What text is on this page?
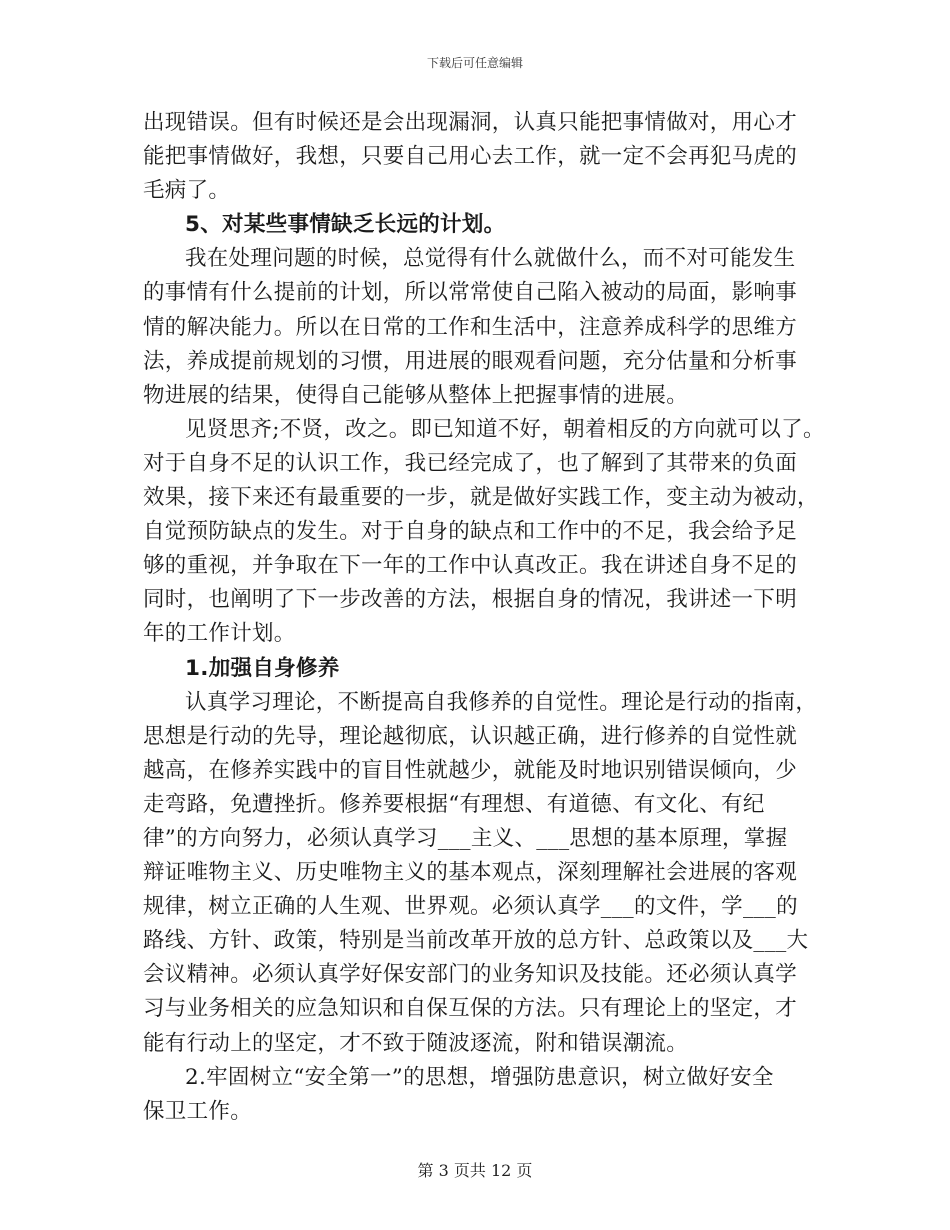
下载后可任意编辑
出现错误。但有时候还是会出现漏洞，认真只能把事情做对，用心才
能把事情做好，我想，只要自己用心去工作，就一定不会再犯马虎的
毛病了。
5、对某些事情缺乏长远的计划。
我在处理问题的时候，总觉得有什么就做什么，而不对可能发生
的事情有什么提前的计划，所以常常使自己陷入被动的局面，影响事
情的解决能力。所以在日常的工作和生活中，注意养成科学的思维方
法，养成提前规划的习惯，用进展的眼观看问题，充分估量和分析事
物进展的结果，使得自己能够从整体上把握事情的进展。
见贤思齐;不贤，改之。即已知道不好，朝着相反的方向就可以了。
对于自身不足的认识工作，我已经完成了，也了解到了其带来的负面
效果，接下来还有最重要的一步，就是做好实践工作，变主动为被动，
自觉预防缺点的发生。对于自身的缺点和工作中的不足，我会给予足
够的重视，并争取在下一年的工作中认真改正。我在讲述自身不足的
同时，也阐明了下一步改善的方法，根据自身的情况，我讲述一下明
年的工作计划。
1.加强自身修养
认真学习理论，不断提高自我修养的自觉性。理论是行动的指南，
思想是行动的先导，理论越彻底，认识越正确，进行修养的自觉性就
越高，在修养实践中的盲目性就越少，就能及时地识别错误倾向，少
走弯路，免遭挫折。修养要根据“有理想、有道德、有文化、有纪
律”的方向努力，必须认真学习___主义、___思想的基本原理，掌握
辩证唯物主义、历史唯物主义的基本观点，深刻理解社会进展的客观
规律，树立正确的人生观、世界观。必须认真学___的文件，学___的
路线、方针、政策，特别是当前改革开放的总方针、总政策以及___大
会议精神。必须认真学好保安部门的业务知识及技能。还必须认真学
习与业务相关的应急知识和自保互保的方法。只有理论上的坚定，才
能有行动上的坚定，才不致于随波逐流，附和错误潮流。
2.牢固树立“安全第一”的思想，增强防患意识，树立做好安全
保卫工作。
第 3 页共 12 页
